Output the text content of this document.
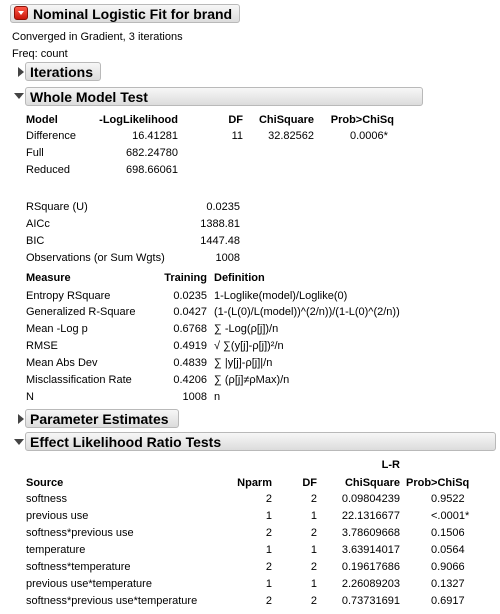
Nominal Logistic Fit for brand
Converged in Gradient, 3 iterations
Freq: count
Iterations
Whole Model Test
Model	-LogLikelihood	DF	ChiSquare	Prob>ChiSq
Difference	16.41281	11	32.82562	0.0006*
Full	682.24780
Reduced	698.66061
RSquare (U)	0.0235
AICc	1388.81
BIC	1447.48
Observations (or Sum Wgts)	1008
Measure	Training Definition
Entropy RSquare	0.0235 1-Loglike(model)/Loglike(0)
Generalized R-Square	0.0427 (1-(L(0)/L(model))^(2/n))/(1-L(0)^(2/n))
Mean -Log p	0.6768 ∑ -Log(ρ[j])/n
RMSE	0.4919 √ ∑(y[j]-ρ[j])²/n
Mean Abs Dev	0.4839 ∑ |y[j]-ρ[j]|/n
Misclassification Rate	0.4206 ∑ (ρ[j]≠ρMax)/n
N	1008 n
Parameter Estimates
Effect Likelihood Ratio Tests
L-R
Source	Nparm	DF	ChiSquare Prob>ChiSq
softness	2	2	0.09804239	0.9522
previous use	1	1	22.1316677	<.0001*
softness*previous use	2	2	3.78609668	0.1506
temperature	1	1	3.63914017	0.0564
softness*temperature	2	2	0.19617686	0.9066
previous use*temperature	1	1	2.26089203	0.1327
softness*previous use*temperature	2	2	0.73731691	0.6917
